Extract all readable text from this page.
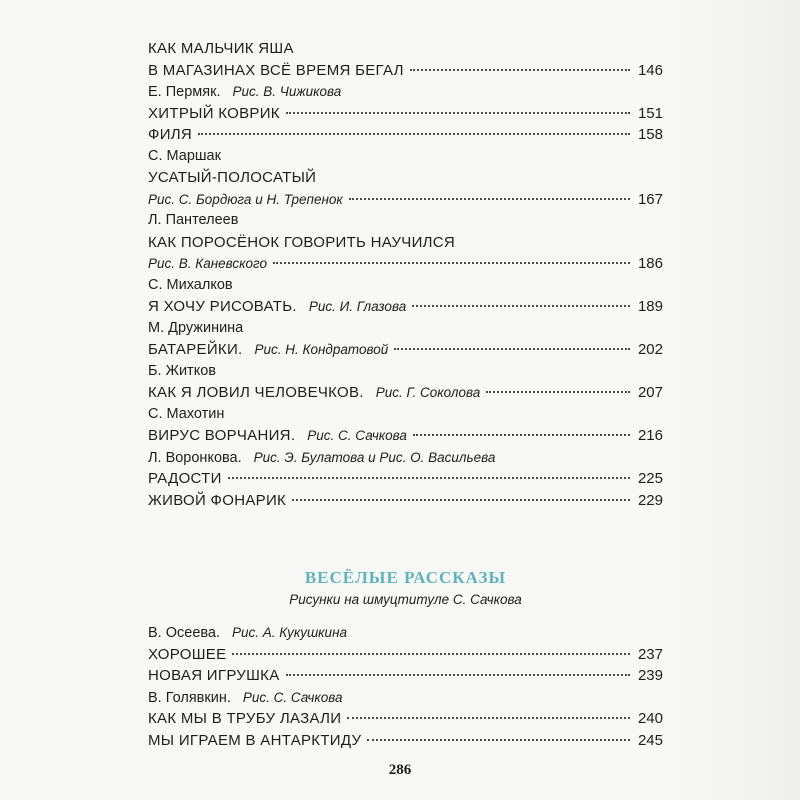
КАК МАЛЬЧИК ЯША
В МАГАЗИНАХ ВСЁ ВРЕМЯ БЕГАЛ	146
Е. Пермяк. Рис. В. Чижикова
ХИТРЫЙ КОВРИК	151
ФИЛЯ	158
С. Маршак
УСАТЫЙ-ПОЛОСАТЫЙ
Рис. С. Бордюга и Н. Трепенок	167
Л. Пантелеев
КАК ПОРОСЁНОК ГОВОРИТЬ НАУЧИЛСЯ
Рис. В. Каневского	186
С. Михалков
Я ХОЧУ РИСОВАТЬ. Рис. И. Глазова	189
М. Дружинина
БАТАРЕЙКИ. Рис. Н. Кондратовой	202
Б. Житков
КАК Я ЛОВИЛ ЧЕЛОВЕЧКОВ. Рис. Г. Соколова	207
С. Махотин
ВИРУС ВОРЧАНИЯ. Рис. С. Сачкова	216
Л. Воронкова. Рис. Э. Булатова и Рис. О. Васильева
РАДОСТИ	225
ЖИВОЙ ФОНАРИК	229
ВЕСЁЛЫЕ РАССКАЗЫ
Рисунки на шмуцтитуле С. Сачкова
В. Осеева. Рис. А. Кукушкина
ХОРОШЕЕ	237
НОВАЯ ИГРУШКА	239
В. Голявкин. Рис. С. Сачкова
КАК МЫ В ТРУБУ ЛАЗАЛИ	240
МЫ ИГРАЕМ В АНТАРКТИДУ	245
286
